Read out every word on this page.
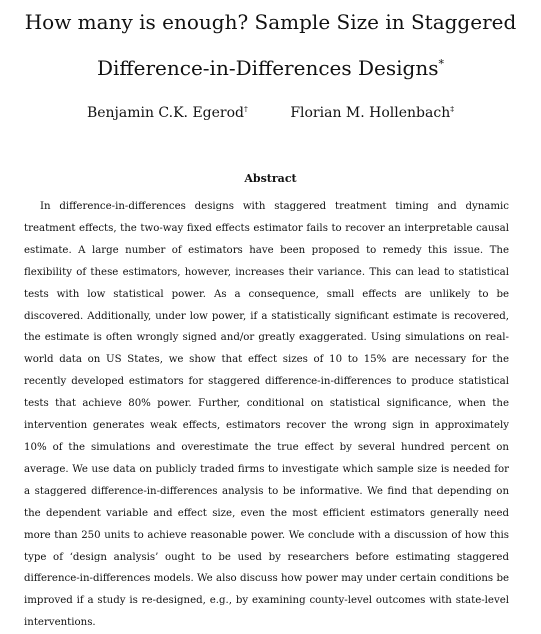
How many is enough? Sample Size in Staggered
Difference-in-Differences Designs*
Benjamin C.K. Egerod†	Florian M. Hollenbach‡
Abstract

In difference-in-differences designs with staggered treatment timing and dynamic treatment effects, the two-way fixed effects estimator fails to recover an interpretable causal estimate. A large number of estimators have been proposed to remedy this issue. The flexibility of these estimators, however, increases their variance. This can lead to statistical tests with low statistical power. As a consequence, small effects are unlikely to be discovered. Additionally, under low power, if a statistically significant estimate is recovered, the estimate is often wrongly signed and/or greatly exaggerated. Using simulations on real-world data on US States, we show that effect sizes of 10 to 15% are necessary for the recently developed estimators for staggered difference-in-differences to produce statistical tests that achieve 80% power. Further, conditional on statistical significance, when the intervention generates weak effects, estimators recover the wrong sign in approximately 10% of the simulations and overestimate the true effect by several hundred percent on average. We use data on publicly traded firms to investigate which sample size is needed for a staggered difference-in-differences analysis to be informative. We find that depending on the dependent variable and effect size, even the most efficient estimators generally need more than 250 units to achieve reasonable power. We conclude with a discussion of how this type of ‘design analysis’ ought to be used by researchers before estimating staggered difference-in-differences models. We also discuss how power may under certain conditions be improved if a study is re-designed, e.g., by examining county-level outcomes with state-level interventions.
